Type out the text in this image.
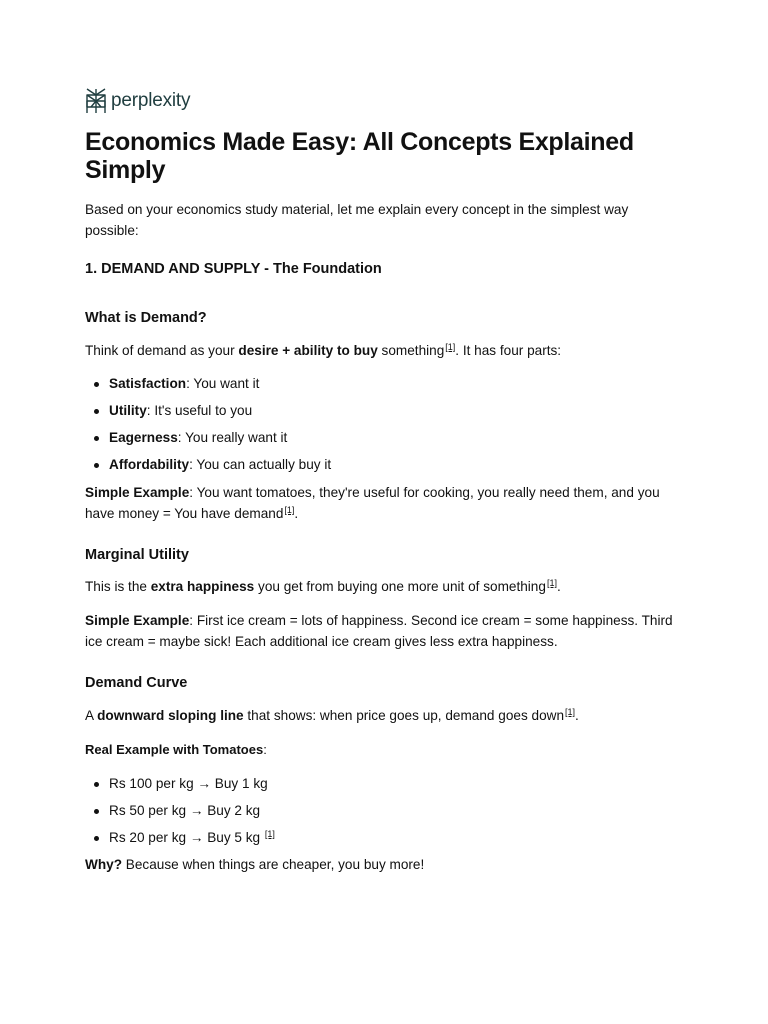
perplexity
Economics Made Easy: All Concepts Explained Simply

Based on your economics study material, let me explain every concept in the simplest way possible:

1. DEMAND AND SUPPLY - The Foundation
What is Demand?

Think of demand as your desire + ability to buy something[1]. It has four parts:

Satisfaction: You want it
Utility: It's useful to you
Eagerness: You really want it
Affordability: You can actually buy it

Simple Example: You want tomatoes, they're useful for cooking, you really need them, and you have money = You have demand[1].

Marginal Utility

This is the extra happiness you get from buying one more unit of something[1].

Simple Example: First ice cream = lots of happiness. Second ice cream = some happiness. Third ice cream = maybe sick! Each additional ice cream gives less extra happiness.

Demand Curve

A downward sloping line that shows: when price goes up, demand goes down[1].

Real Example with Tomatoes:

Rs 100 per kg → Buy 1 kg
Rs 50 per kg → Buy 2 kg
Rs 20 per kg → Buy 5 kg [1]

Why? Because when things are cheaper, you buy more!
